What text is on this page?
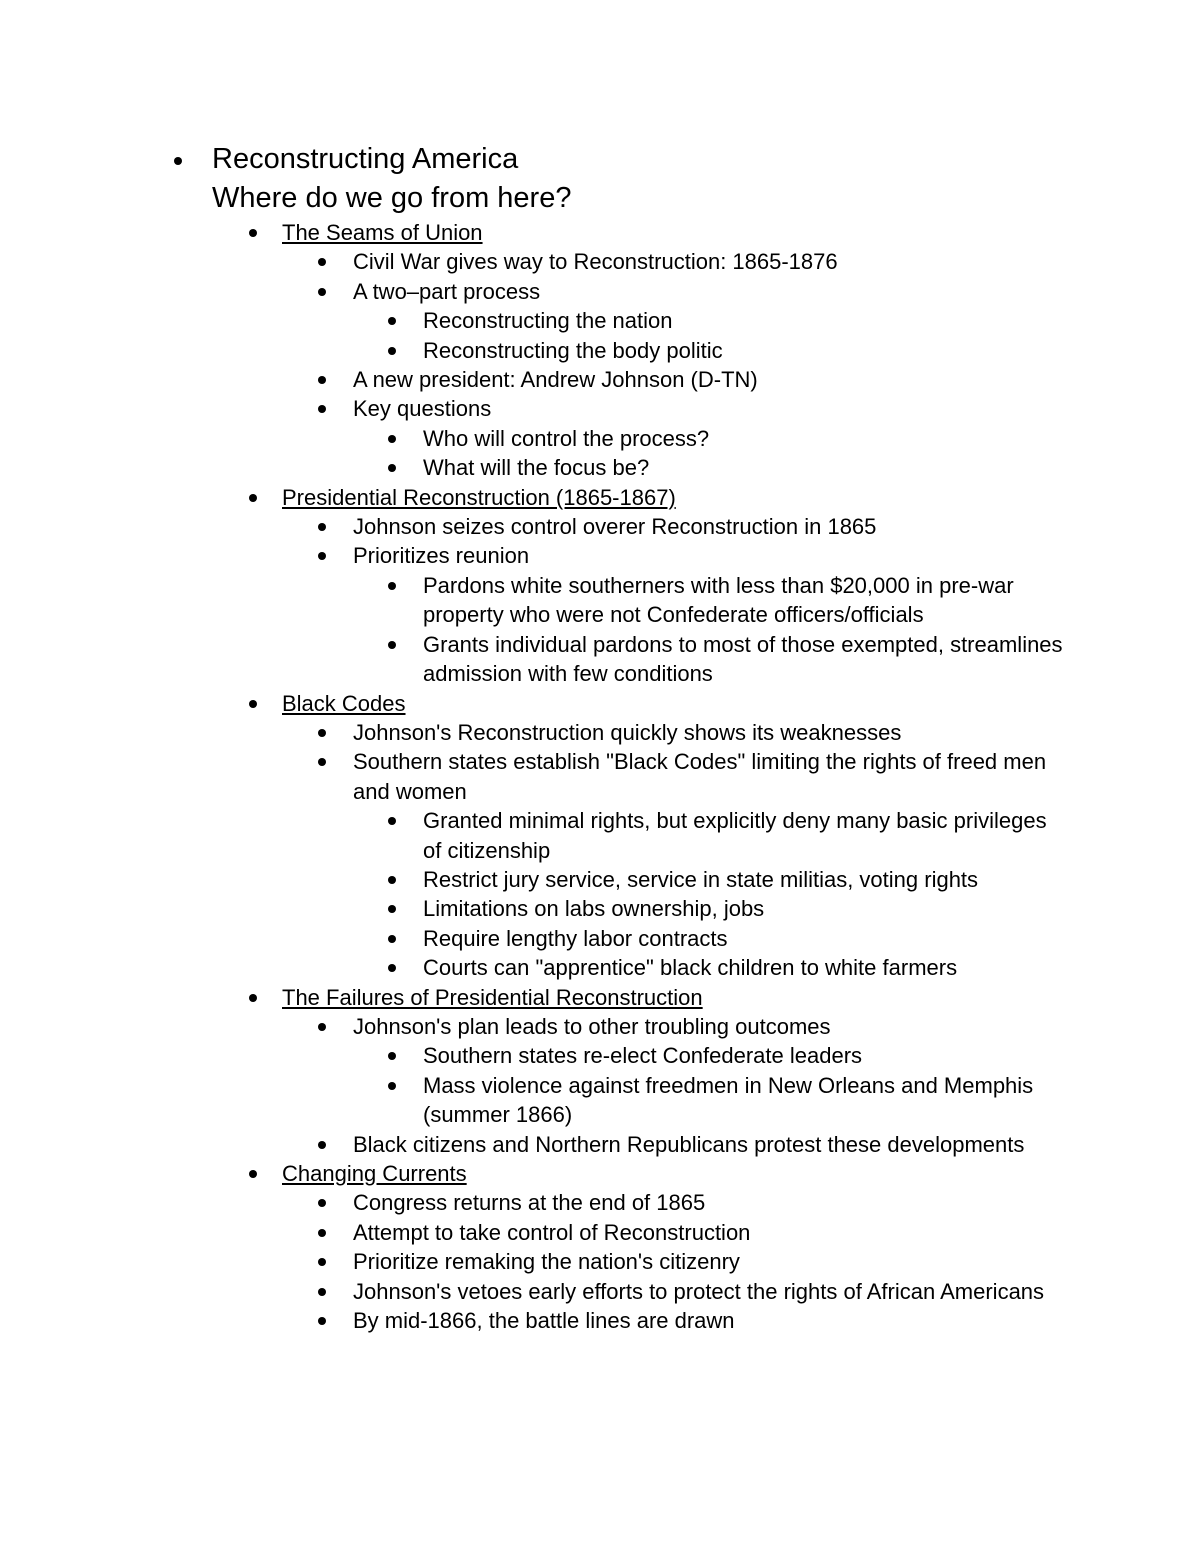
Reconstructing America
Where do we go from here?
The Seams of Union
Civil War gives way to Reconstruction: 1865-1876
A two–part process
Reconstructing the nation
Reconstructing the body politic
A new president: Andrew Johnson (D-TN)
Key questions
Who will control the process?
What will the focus be?
Presidential Reconstruction (1865-1867)
Johnson seizes control overer Reconstruction in 1865
Prioritizes reunion
Pardons white southerners with less than $20,000 in pre-war property who were not Confederate officers/officials
Grants individual pardons to most of those exempted, streamlines admission with few conditions
Black Codes
Johnson's Reconstruction quickly shows its weaknesses
Southern states establish "Black Codes" limiting the rights of freed men and women
Granted minimal rights, but explicitly deny many basic privileges of citizenship
Restrict jury service, service in state militias, voting rights
Limitations on labs ownership, jobs
Require lengthy labor contracts
Courts can "apprentice" black children to white farmers
The Failures of Presidential Reconstruction
Johnson's plan leads to other troubling outcomes
Southern states re-elect Confederate leaders
Mass violence against freedmen in New Orleans and Memphis (summer 1866)
Black citizens and Northern Republicans protest these developments
Changing Currents
Congress returns at the end of 1865
Attempt to take control of Reconstruction
Prioritize remaking the nation's citizenry
Johnson's vetoes early efforts to protect the rights of African Americans
By mid-1866, the battle lines are drawn
